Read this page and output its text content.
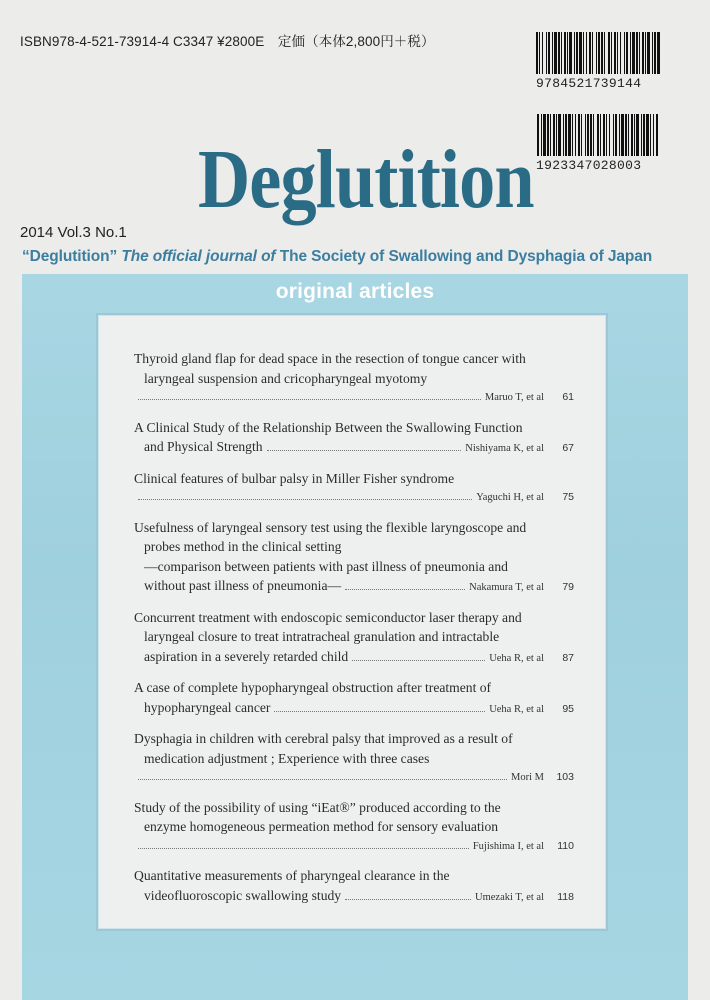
ISBN978-4-521-73914-4 C3347 ¥2800E　定価（本体2,800円＋税）
9784521739144
1923347028003
Deglutition
2014 Vol.3 No.1
“Deglutition” The official journal of The Society of Swallowing and Dysphagia of Japan
original articles
Thyroid gland flap for dead space in the resection of tongue cancer with
laryngeal suspension and cricopharyngeal myotomy
Maruo T, et al	61
A Clinical Study of the Relationship Between the Swallowing Function
and Physical Strength	Nishiyama K, et al	67
Clinical features of bulbar palsy in Miller Fisher syndrome
Yaguchi H, et al	75
Usefulness of laryngeal sensory test using the flexible laryngoscope and
probes method in the clinical setting
—comparison between patients with past illness of pneumonia and
without past illness of pneumonia—	Nakamura T, et al	79
Concurrent treatment with endoscopic semiconductor laser therapy and
laryngeal closure to treat intratracheal granulation and intractable
aspiration in a severely retarded child	Ueha R, et al	87
A case of complete hypopharyngeal obstruction after treatment of
hypopharyngeal cancer	Ueha R, et al	95
Dysphagia in children with cerebral palsy that improved as a result of
medication adjustment ; Experience with three cases
Mori M	103
Study of the possibility of using “iEat®” produced according to the
enzyme homogeneous permeation method for sensory evaluation
Fujishima I, et al	110
Quantitative measurements of pharyngeal clearance in the
videofluoroscopic swallowing study	Umezaki T, et al	118
